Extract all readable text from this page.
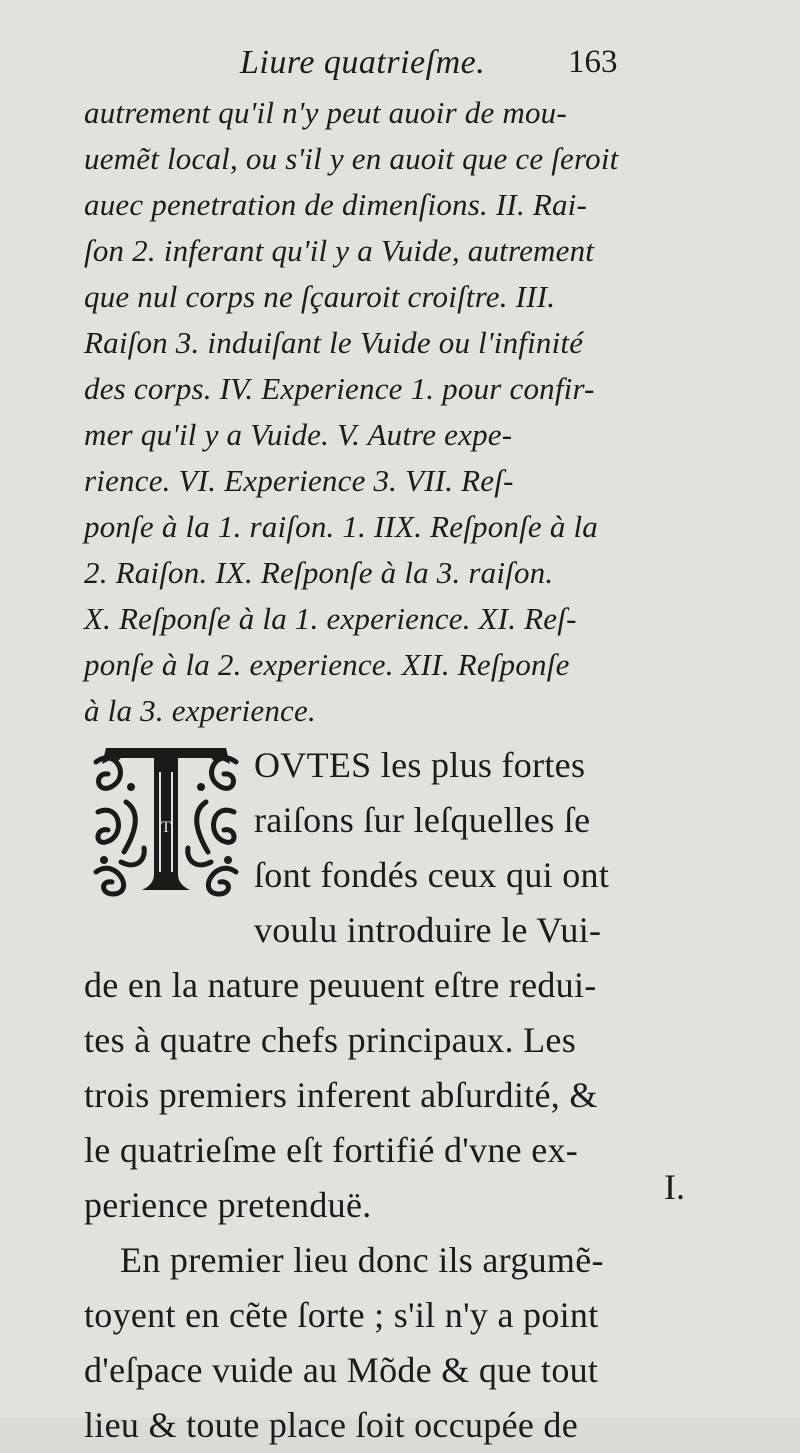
Liure quatrieſme.	163
autrement qu'il n'y peut auoir de mou-
uemẽt local, ou s'il y en auoit que ce ſeroit
auec penetration de dimenſions. II. Rai-
ſon 2. inferant qu'il y a Vuide, autrement
que nul corps ne ſçauroit croiſtre. III.
Raiſon 3. induiſant le Vuide ou l'infinité
des corps. IV. Experience 1. pour confir-
mer qu'il y a Vuide. V. Autre expe-
rience. VI. Experience 3. VII. Reſ-
ponſe à la 1. raiſon. 1. IIX. Reſponſe à la
2. Raiſon. IX. Reſponſe à la 3. raiſon.
X. Reſponſe à la 1. experience. XI. Reſ-
ponſe à la 2. experience. XII. Reſponſe
à la 3. experience.
T
OVTES les plus fortes
raiſons ſur leſquelles ſe
ſont fondés ceux qui ont
voulu introduire le Vui-
de en la nature peuuent eſtre redui-
tes à quatre chefs principaux. Les
trois premiers inferent abſurdité, &
le quatrieſme eſt fortifié d'vne ex-
perience pretenduë.
En premier lieu donc ils argumẽ-
toyent en cẽte ſorte ; s'il n'y a point
d'eſpace vuide au Mõde & que tout
lieu & toute place ſoit occupée de
I.
